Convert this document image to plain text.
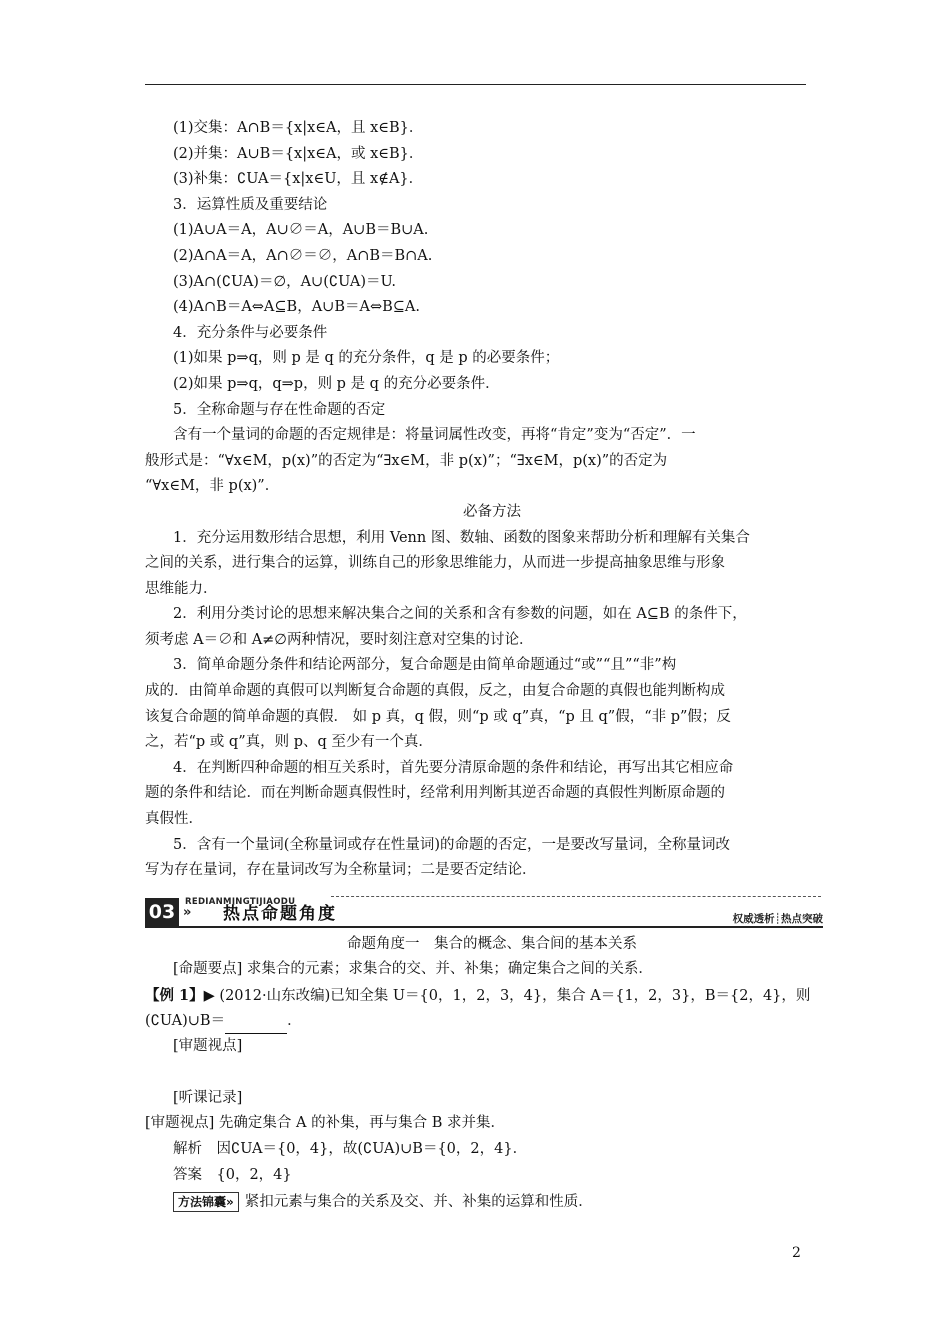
(1)交集：A∩B＝{x|x∈A，且 x∈B}．
(2)并集：A∪B＝{x|x∈A，或 x∈B}．
(3)补集：∁UA＝{x|x∈U，且 x∉A}．
3．运算性质及重要结论
(1)A∪A＝A，A∪∅＝A，A∪B＝B∪A.
(2)A∩A＝A，A∩∅＝∅，A∩B＝B∩A.
(3)A∩(∁UA)＝∅，A∪(∁UA)＝U.
(4)A∩B＝A⇔A⊆B，A∪B＝A⇔B⊆A.
4．充分条件与必要条件
(1)如果 p⇒q，则 p 是 q 的充分条件，q 是 p 的必要条件；
(2)如果 p⇒q，q⇒p，则 p 是 q 的充分必要条件．
5．全称命题与存在性命题的否定
含有一个量词的命题的否定规律是：将量词属性改变，再将“肯定”变为“否定”．一
般形式是：“∀x∈M，p(x)”的否定为“∃x∈M，非 p(x)”；“∃x∈M，p(x)”的否定为
“∀x∈M，非 p(x)”．
必备方法
1．充分运用数形结合思想，利用 Venn 图、数轴、函数的图象来帮助分析和理解有关集合
之间的关系，进行集合的运算，训练自己的形象思维能力，从而进一步提高抽象思维与形象
思维能力．
2．利用分类讨论的思想来解决集合之间的关系和含有参数的问题，如在 A⊆B 的条件下，
须考虑 A＝∅和 A≠∅两种情况，要时刻注意对空集的讨论．
3．简单命题分条件和结论两部分，复合命题是由简单命题通过“或”“且”“非”构
成的．由简单命题的真假可以判断复合命题的真假，反之，由复合命题的真假也能判断构成
该复合命题的简单命题的真假． 如 p 真，q 假，则“p 或 q”真，“p 且 q”假，“非 p”假；反
之，若“p 或 q”真，则 p、q 至少有一个真．
4．在判断四种命题的相互关系时，首先要分清原命题的条件和结论，再写出其它相应命
题的条件和结论．而在判断命题真假性时，经常利用判断其逆否命题的真假性判断原命题的
真假性．
5．含有一个量词(全称量词或存在性量词)的命题的否定，一是要改写量词，全称量词改
写为存在量词，存在量词改写为全称量词；二是要否定结论．
03	REDIANMINGTIJIAODU
» 热点命题角度	权威透析┊热点突破
命题角度一　集合的概念、集合间的基本关系
[命题要点] 求集合的元素；求集合的交、并、补集；确定集合之间的关系．
【例 1】▶ (2012·山东改编)已知全集 U＝{0，1，2，3，4}，集合 A＝{1，2，3}，B＝{2，4}，则
(∁UA)∪B＝	．
[审题视点]
[听课记录]
[审题视点] 先确定集合 A 的补集，再与集合 B 求并集．
解析　因∁UA＝{0，4}，故(∁UA)∪B＝{0，2，4}．
答案　{0，2，4}
方法锦囊» 紧扣元素与集合的关系及交、并、补集的运算和性质．
2
